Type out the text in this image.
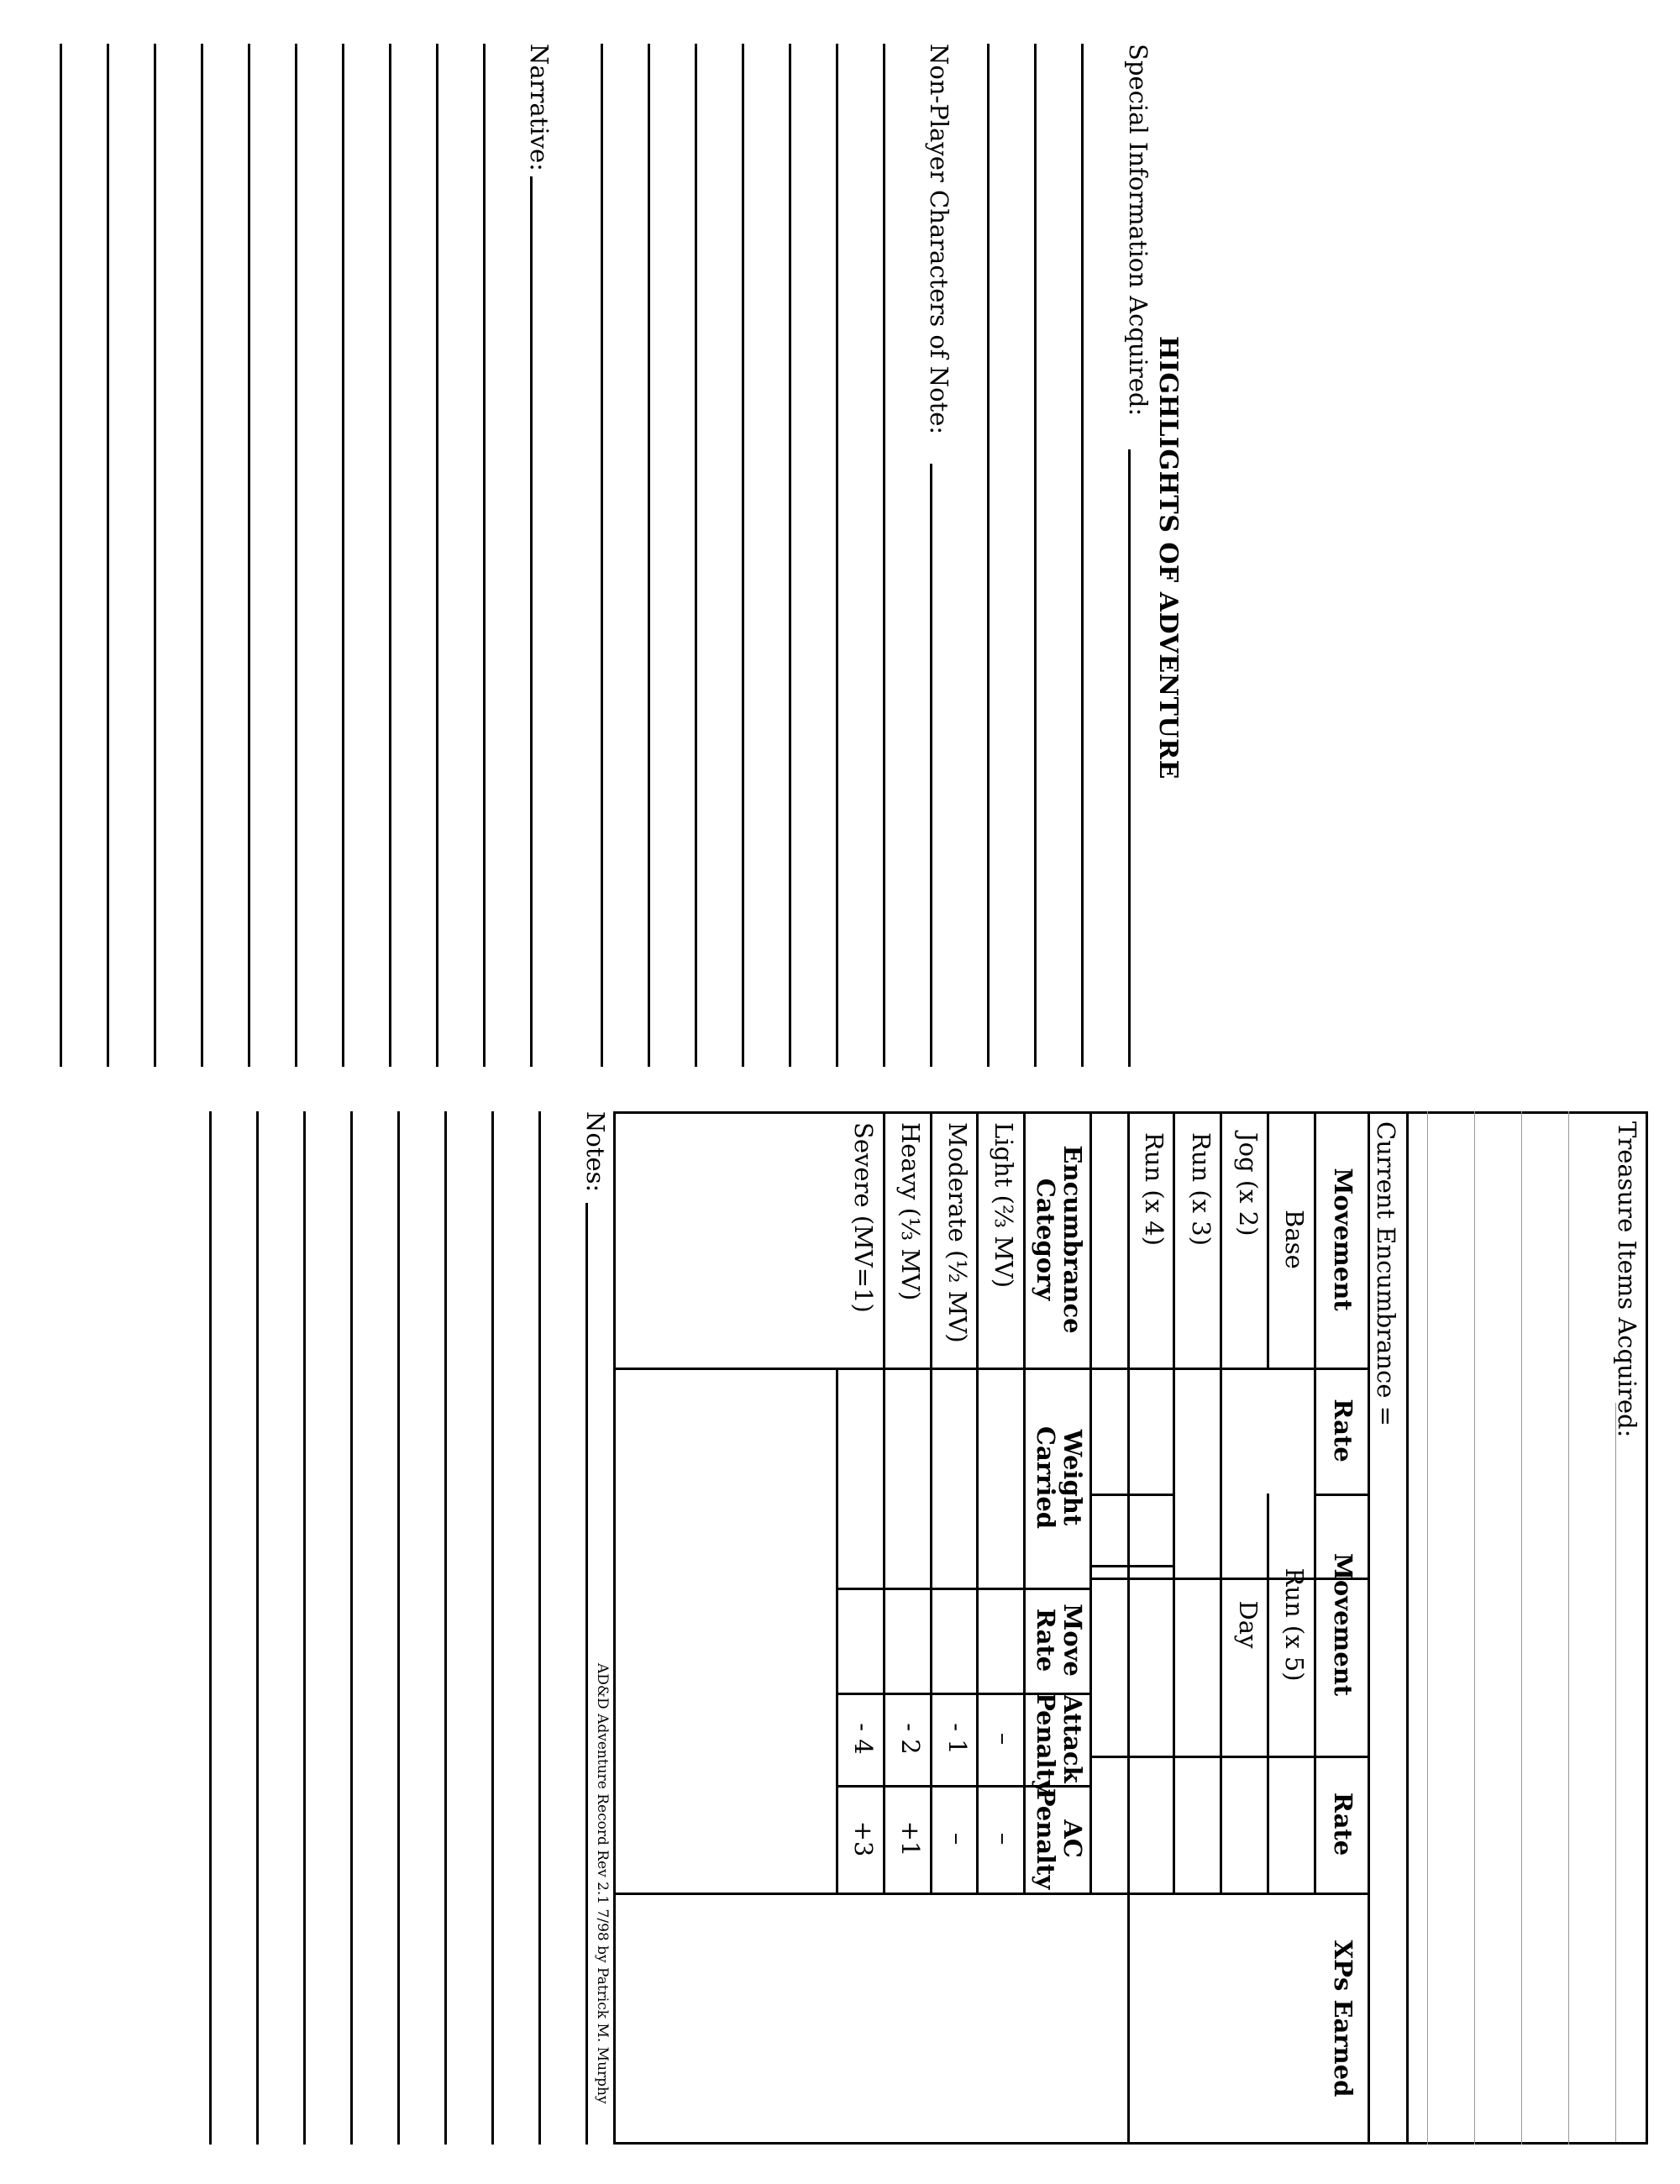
HIGHLIGHTS OF ADVENTURE
Special Information Acquired:
Non-Player Characters of Note:
Narrative:
Treasure Items Acquired:
Current Encumbrance =
Movement
Rate
Movement
Rate
Base
Jog (x 2)
Run (x 3)
Run (x 4)
Run (x 5)
Day
XPs Earned
Encumbrance
Category
Weight
Carried
Move
Rate
Attack
Penalty
AC
Penalty
Light (⅔ MV)
Moderate (½ MV)
Heavy (⅓ MV)
Severe (MV=1)
–
- 1
- 2
- 4
–
–
+1
+3
Notes:
AD&D Adventure Record Rev 2.1 7/98 by Patrick M. Murphy
